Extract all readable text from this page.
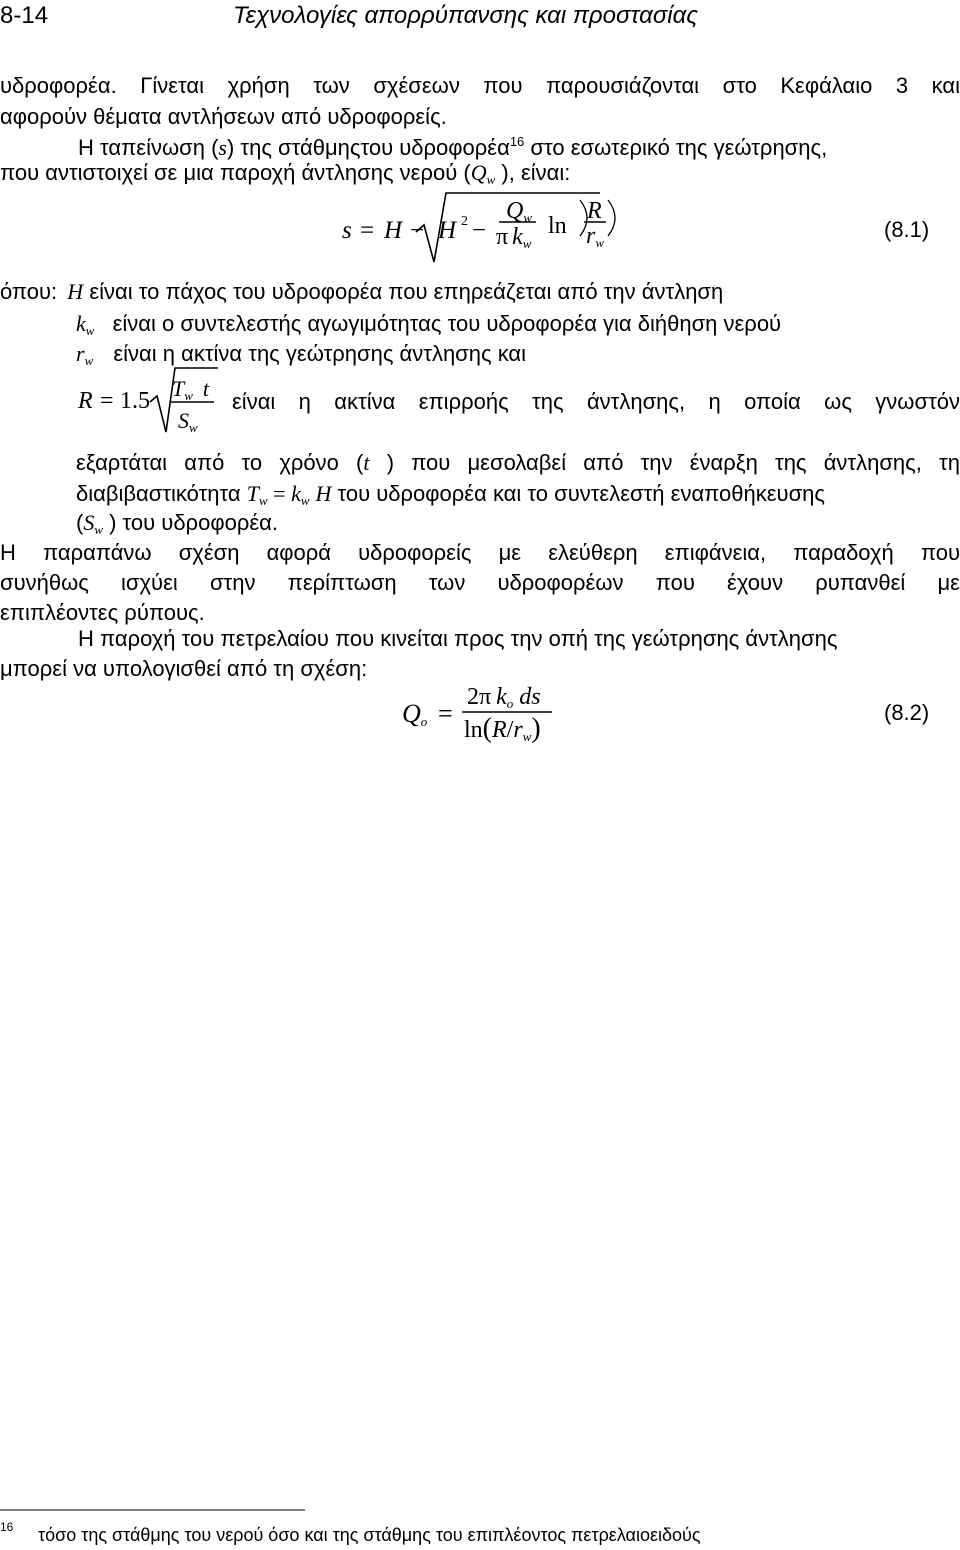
8-14	Τεχνολογίες απορρύπανσης και προστασίας
υδροφορέα. Γίνεται χρήση των σχέσεων που παρουσιάζονται στο Κεφάλαιο 3 και
αφορούν θέματα αντλήσεων από υδροφορείς.
Η ταπείνωση (s) της στάθμηςτου υδροφορέα$^{16}$ στο εσωτερικό της γεώτρησης,
που αντιστοιχεί σε μια παροχή άντλησης νερού ($Q_w$ ), είναι:
s = H − H 2 −
$Q_w$
π $k_w$
ln
R
$r_w$
(8.1)
όπου: H είναι το πάχος του υδροφορέα που επηρεάζεται από την άντληση
$k_w$ είναι ο συντελεστής αγωγιμότητας του υδροφορέα για διήθηση νερού
$r_w$ είναι η ακτίνα της γεώτρησης άντλησης και
R = 1.5 $T_w$ t
$S_w$
είναι η ακτίνα επιρροής της άντλησης, η οποία ως γνωστόν
εξαρτάται από το χρόνο (t ) που μεσολαβεί από την έναρξη της άντλησης, τη
διαβιβαστικότητα $T_w = k_w$ H του υδροφορέα και το συντελεστή εναποθήκευσης
($S_w$ ) του υδροφορέα.
Η παραπάνω σχέση αφορά υδροφορείς με ελεύθερη επιφάνεια, παραδοχή που
συνήθως ισχύει στην περίπτωση των υδροφορέων που έχουν ρυπανθεί με
επιπλέοντες ρύπους.
Η παροχή του πετρελαίου που κινείται προς την οπή της γεώτρησης άντλησης
μπορεί να υπολογισθεί από τη σχέση:
$Q_o$ =
2π $k_o$ ds
$\ln(R/r_w)$
(8.2)
16 τόσο της στάθμης του νερού όσο και της στάθμης του επιπλέοντος πετρελαιοειδούς
